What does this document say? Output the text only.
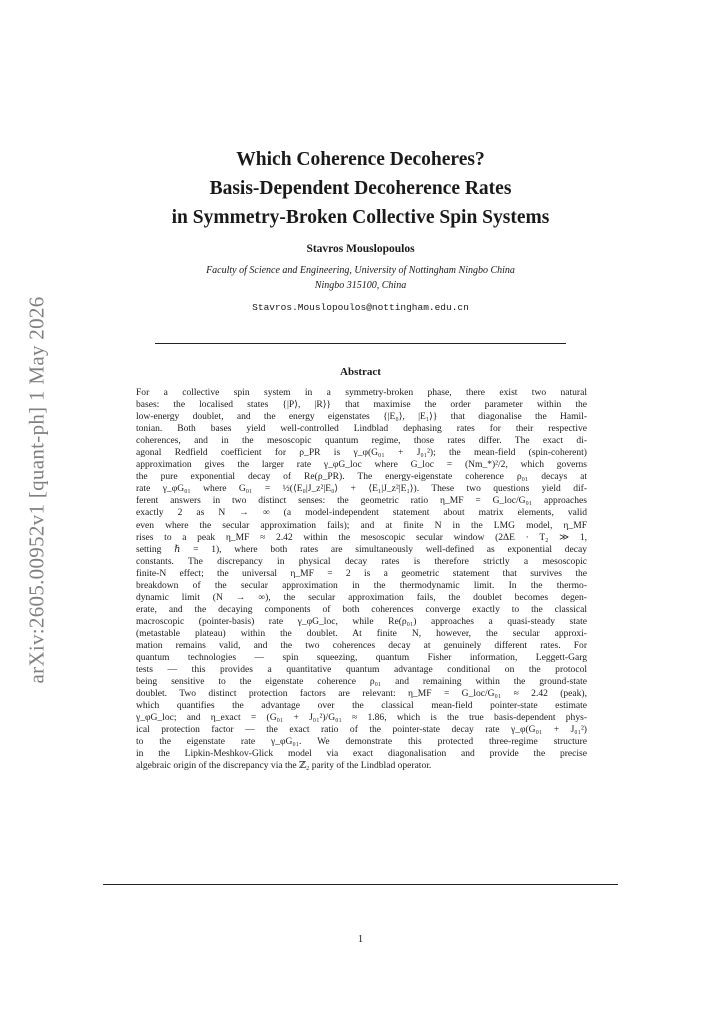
arXiv:2605.00952v1 [quant-ph] 1 May 2026
Which Coherence Decoheres?
Basis-Dependent Decoherence Rates
in Symmetry-Broken Collective Spin Systems
Stavros Mouslopoulos
Faculty of Science and Engineering, University of Nottingham Ningbo China
Ningbo 315100, China
Stavros.Mouslopoulos@nottingham.edu.cn
Abstract
For a collective spin system in a symmetry-broken phase, there exist two natural
bases: the localised states {|P⟩, |R⟩} that maximise the order parameter within the
low-energy doublet, and the energy eigenstates {|E₀⟩, |E₁⟩} that diagonalise the Hamil-
tonian. Both bases yield well-controlled Lindblad dephasing rates for their respective
coherences, and in the mesoscopic quantum regime, those rates differ. The exact di-
agonal Redfield coefficient for ρ_PR is γ_φ(G₀₁ + J₀₁²); the mean-field (spin-coherent)
approximation gives the larger rate γ_φG_loc where G_loc = (Nm_*)²/2, which governs
the pure exponential decay of Re(ρ_PR). The energy-eigenstate coherence ρ₀₁ decays at
rate γ_φG₀₁ where G₀₁ = ½(⟨E₀|J_z²|E₀⟩ + ⟨E₁|J_z²|E₁⟩). These two questions yield dif-
ferent answers in two distinct senses: the geometric ratio η_MF = G_loc/G₀₁ approaches
exactly 2 as N → ∞ (a model-independent statement about matrix elements, valid
even where the secular approximation fails); and at finite N in the LMG model, η_MF
rises to a peak η_MF ≈ 2.42 within the mesoscopic secular window (2ΔE · T₂ ≫ 1,
setting ℏ = 1), where both rates are simultaneously well-defined as exponential decay
constants. The discrepancy in physical decay rates is therefore strictly a mesoscopic
finite-N effect; the universal η_MF = 2 is a geometric statement that survives the
breakdown of the secular approximation in the thermodynamic limit. In the thermo-
dynamic limit (N → ∞), the secular approximation fails, the doublet becomes degen-
erate, and the decaying components of both coherences converge exactly to the classical
macroscopic (pointer-basis) rate γ_φG_loc, while Re(ρ₀₁) approaches a quasi-steady state
(metastable plateau) within the doublet. At finite N, however, the secular approxi-
mation remains valid, and the two coherences decay at genuinely different rates. For
quantum technologies — spin squeezing, quantum Fisher information, Leggett-Garg
tests — this provides a quantitative quantum advantage conditional on the protocol
being sensitive to the eigenstate coherence ρ₀₁ and remaining within the ground-state
doublet. Two distinct protection factors are relevant: η_MF = G_loc/G₀₁ ≈ 2.42 (peak),
which quantifies the advantage over the classical mean-field pointer-state estimate
γ_φG_loc; and η_exact = (G₀₁ + J₀₁²)/G₀₁ ≈ 1.86, which is the true basis-dependent phys-
ical protection factor — the exact ratio of the pointer-state decay rate γ_φ(G₀₁ + J₀₁²)
to the eigenstate rate γ_φG₀₁. We demonstrate this protected three-regime structure
in the Lipkin-Meshkov-Glick model via exact diagonalisation and provide the precise
algebraic origin of the discrepancy via the ℤ₂ parity of the Lindblad operator.
1
